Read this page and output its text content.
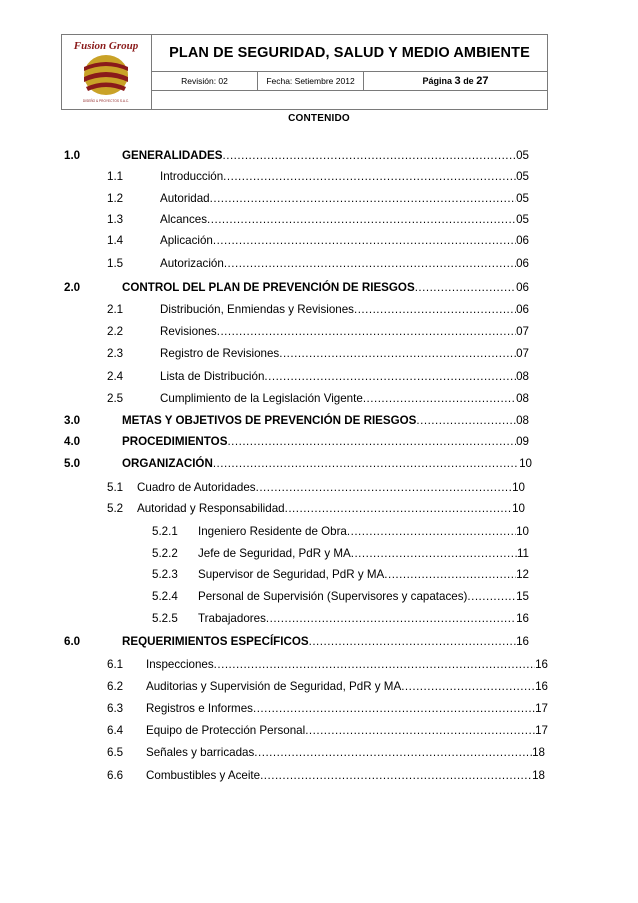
Fusion Group
DISEÑO & PROYECTOS S.A.C.
PLAN DE SEGURIDAD, SALUD Y MEDIO AMBIENTE
Revisión: 02	Fecha: Setiembre 2012	Página
3
de
27
CONTENIDO
1.0	GENERALIDADES .....	05
1.1	Introducción .....	05
1.2	Autoridad .....	05
1.3	Alcances .....	05
1.4	Aplicación .....	06
1.5	Autorización .....	06
2.0	CONTROL DEL PLAN DE PREVENCIÓN DE RIESGOS .....	06
2.1	Distribución, Enmiendas y Revisiones .....	06
2.2	Revisiones .....	07
2.3	Registro de Revisiones .....	07
2.4	Lista de Distribución .....	08
2.5	Cumplimiento de la Legislación Vigente .....	08
3.0	METAS Y OBJETIVOS DE PREVENCIÓN DE RIESGOS .....	08
4.0	PROCEDIMIENTOS .....	09
5.0	ORGANIZACIÓN .....	10
5.1 Cuadro de Autoridades .....	10
5.2 Autoridad y Responsabilidad .....	10
5.2.1 Ingeniero Residente de Obra .....	10
5.2.2 Jefe de Seguridad, PdR y MA .....	11
5.2.3 Supervisor de Seguridad, PdR y MA .....	12
5.2.4 Personal de Supervisión (Supervisores y capataces) .....	15
5.2.5 Trabajadores .....	16
6.0	REQUERIMIENTOS ESPECÍFICOS .....	16
6.1 Inspecciones .....	16
6.2 Auditorias y Supervisión de Seguridad, PdR y MA .....	16
6.3 Registros e Informes .....	17
6.4 Equipo de Protección Personal .....	17
6.5 Señales y barricadas .....	18
6.6 Combustibles y Aceite .....	18
